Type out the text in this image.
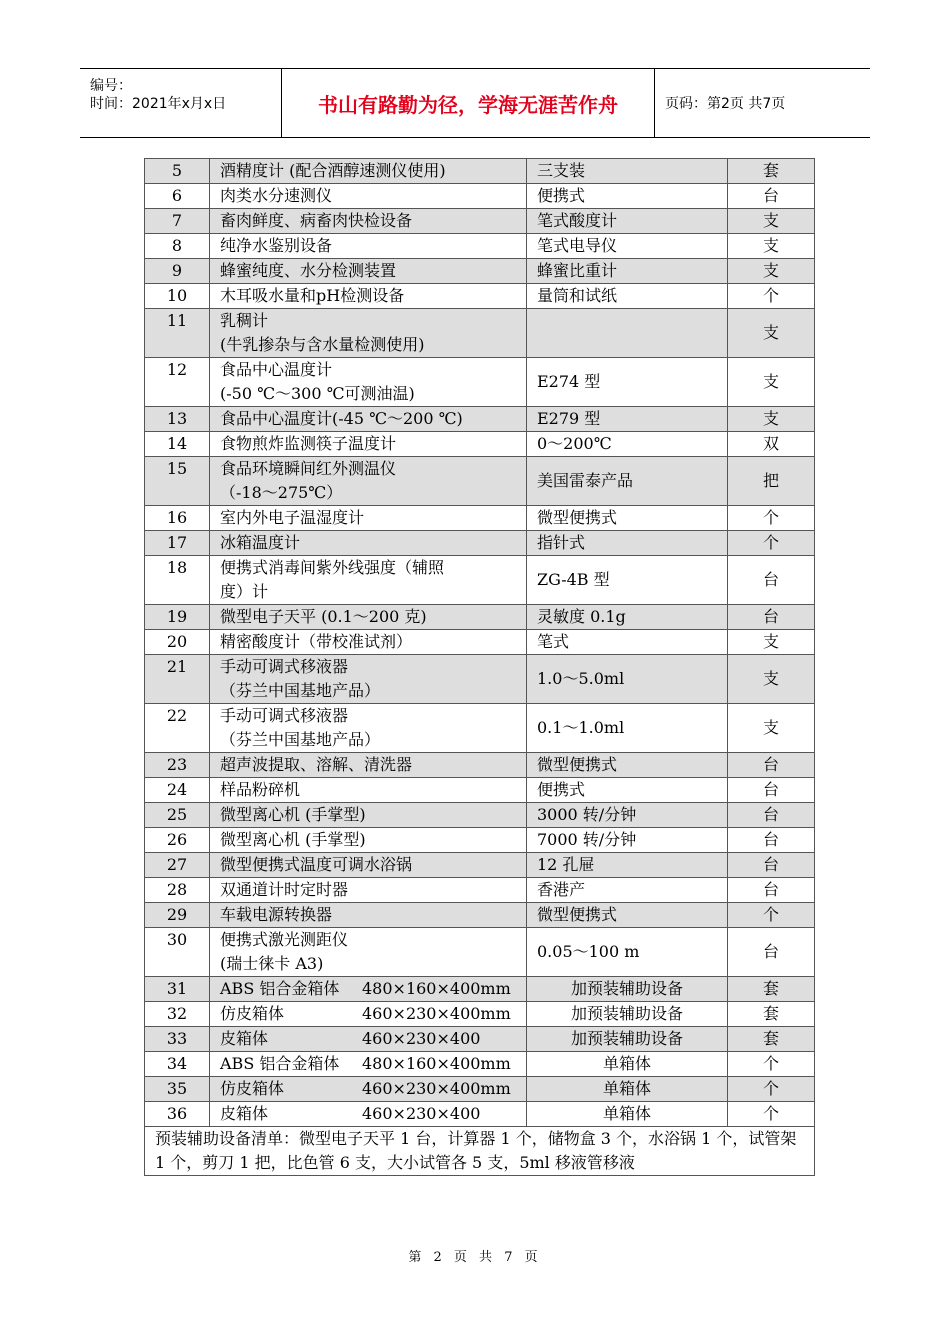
编号：
时间：2021年x月x日	书山有路勤为径，学海无涯苦作舟	页码：第2页 共7页
5	酒精度计 (配合酒醇速测仪使用)	三支装	套
6	肉类水分速测仪	便携式	台
7	畜肉鲜度、病畜肉快检设备	笔式酸度计	支
8	纯净水鉴别设备	笔式电导仪	支
9	蜂蜜纯度、水分检测装置	蜂蜜比重计	支
10	木耳吸水量和pH检测设备	量筒和试纸	个
11	乳稠计
(牛乳掺杂与含水量检测使用)		支
12	食品中心温度计
(-50 ℃～300 ℃可测油温)	E274 型	支
13	食品中心温度计(-45 ℃～200 ℃)	E279 型	支
14	食物煎炸监测筷子温度计	0～200℃	双
15	食品环境瞬间红外测温仪
（-18～275℃）	美国雷泰产品	把
16	室内外电子温湿度计	微型便携式	个
17	冰箱温度计	指针式	个
18	便携式消毒间紫外线强度（辅照
度）计	ZG-4B 型	台
19	微型电子天平 (0.1～200 克)	灵敏度 0.1g	台
20	精密酸度计（带校准试剂）	笔式	支
21	手动可调式移液器
（芬兰中国基地产品）	1.0～5.0ml	支
22	手动可调式移液器
（芬兰中国基地产品）	0.1～1.0ml	支
23	超声波提取、溶解、清洗器	微型便携式	台
24	样品粉碎机	便携式	台
25	微型离心机 (手掌型)	3000 转/分钟	台
26	微型离心机 (手掌型)	7000 转/分钟	台
27	微型便携式温度可调水浴锅	12 孔屉	台
28	双通道计时定时器	香港产	台
29	车载电源转换器	微型便携式	个
30	便携式激光测距仪
(瑞士徕卡 A3)	0.05～100 m	台
31	ABS 铝合金箱体 480×160×400mm	加预装辅助设备	套
32	仿皮箱体 460×230×400mm	加预装辅助设备	套
33	皮箱体 460×230×400	加预装辅助设备	套
34	ABS 铝合金箱体 480×160×400mm	单箱体	个
35	仿皮箱体 460×230×400mm	单箱体	个
36	皮箱体 460×230×400	单箱体	个
预装辅助设备清单：微型电子天平 1 台，计算器 1 个，储物盒 3 个，水浴锅 1 个，试管架 1 个，剪刀 1 把，比色管 6 支，大小试管各 5 支，5ml 移液管移液			
第 2 页 共 7 页
